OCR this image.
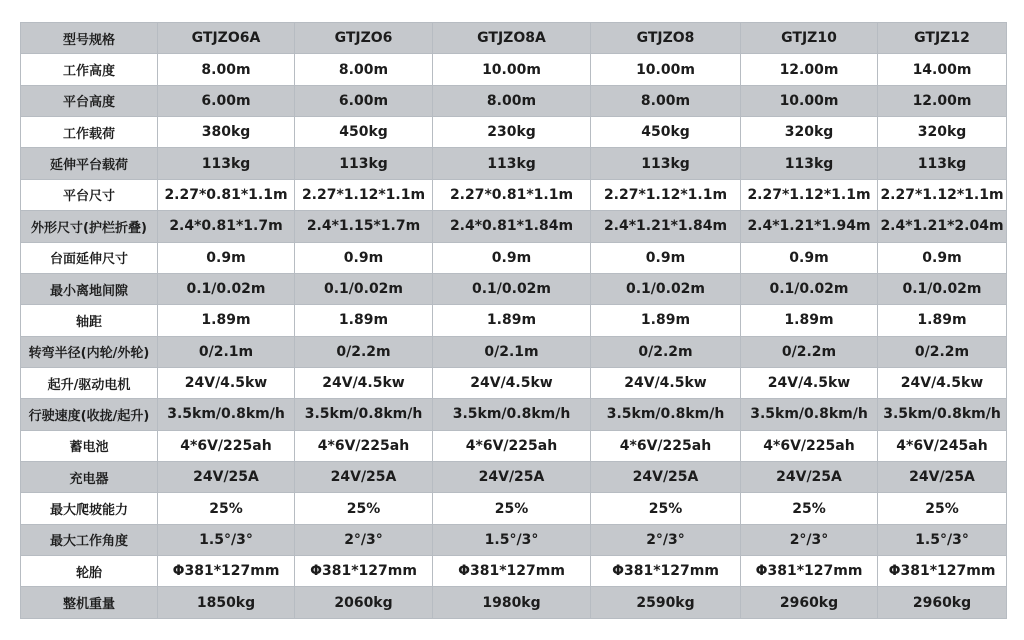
型号规格	GTJZO6A	GTJZO6	GTJZO8A	GTJZO8	GTJZ10	GTJZ12
工作高度	8.00m	8.00m	10.00m	10.00m	12.00m	14.00m
平台高度	6.00m	6.00m	8.00m	8.00m	10.00m	12.00m
工作载荷	380kg	450kg	230kg	450kg	320kg	320kg
延伸平台载荷	113kg	113kg	113kg	113kg	113kg	113kg
平台尺寸	2.27*0.81*1.1m	2.27*1.12*1.1m	2.27*0.81*1.1m	2.27*1.12*1.1m	2.27*1.12*1.1m	2.27*1.12*1.1m
外形尺寸(护栏折叠)	2.4*0.81*1.7m	2.4*1.15*1.7m	2.4*0.81*1.84m	2.4*1.21*1.84m	2.4*1.21*1.94m	2.4*1.21*2.04m
台面延伸尺寸	0.9m	0.9m	0.9m	0.9m	0.9m	0.9m
最小离地间隙	0.1/0.02m	0.1/0.02m	0.1/0.02m	0.1/0.02m	0.1/0.02m	0.1/0.02m
轴距	1.89m	1.89m	1.89m	1.89m	1.89m	1.89m
转弯半径(内轮/外轮)	0/2.1m	0/2.2m	0/2.1m	0/2.2m	0/2.2m	0/2.2m
起升/驱动电机	24V/4.5kw	24V/4.5kw	24V/4.5kw	24V/4.5kw	24V/4.5kw	24V/4.5kw
行驶速度(收拢/起升)	3.5km/0.8km/h	3.5km/0.8km/h	3.5km/0.8km/h	3.5km/0.8km/h	3.5km/0.8km/h	3.5km/0.8km/h
蓄电池	4*6V/225ah	4*6V/225ah	4*6V/225ah	4*6V/225ah	4*6V/225ah	4*6V/245ah
充电器	24V/25A	24V/25A	24V/25A	24V/25A	24V/25A	24V/25A
最大爬坡能力	25%	25%	25%	25%	25%	25%
最大工作角度	1.5°/3°	2°/3°	1.5°/3°	2°/3°	2°/3°	1.5°/3°
轮胎	Φ381*127mm	Φ381*127mm	Φ381*127mm	Φ381*127mm	Φ381*127mm	Φ381*127mm
整机重量	1850kg	2060kg	1980kg	2590kg	2960kg	2960kg
